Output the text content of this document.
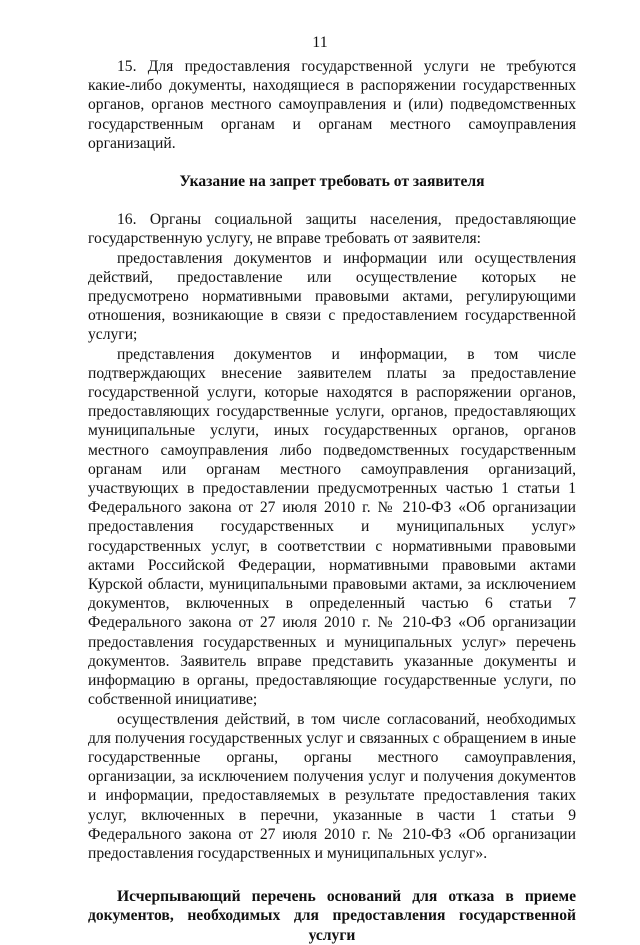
11

15. Для предоставления государственной услуги не требуются какие-либо документы, находящиеся в распоряжении государственных органов, органов местного самоуправления и (или) подведомственных государственным органам и органам местного самоуправления организаций.

Указание на запрет требовать от заявителя

16. Органы социальной защиты населения, предоставляющие государственную услугу, не вправе требовать от заявителя:

предоставления документов и информации или осуществления действий, предоставление или осуществление которых не предусмотрено нормативными правовыми актами, регулирующими отношения, возникающие в связи с предоставлением государственной услуги;

представления документов и информации, в том числе подтверждающих внесение заявителем платы за предоставление государственной услуги, которые находятся в распоряжении органов, предоставляющих государственные услуги, органов, предоставляющих муниципальные услуги, иных государственных органов, органов местного самоуправления либо подведомственных государственным органам или органам местного самоуправления организаций, участвующих в предоставлении предусмотренных частью 1 статьи 1 Федерального закона от 27 июля 2010 г. № 210-ФЗ «Об организации предоставления государственных и муниципальных услуг» государственных услуг, в соответствии с нормативными правовыми актами Российской Федерации, нормативными правовыми актами Курской области, муниципальными правовыми актами, за исключением документов, включенных в определенный частью 6 статьи 7 Федерального закона от 27 июля 2010 г. № 210-ФЗ «Об организации предоставления государственных и муниципальных услуг» перечень документов. Заявитель вправе представить указанные документы и информацию в органы, предоставляющие государственные услуги, по собственной инициативе;

осуществления действий, в том числе согласований, необходимых для получения государственных услуг и связанных с обращением в иные государственные органы, органы местного самоуправления, организации, за исключением получения услуг и получения документов и информации, предоставляемых в результате предоставления таких услуг, включенных в перечни, указанные в части 1 статьи 9 Федерального закона от 27 июля 2010 г. № 210-ФЗ «Об организации предоставления государственных и муниципальных услуг».

Исчерпывающий перечень оснований для отказа в приеме документов, необходимых для предоставления государственной услуги
